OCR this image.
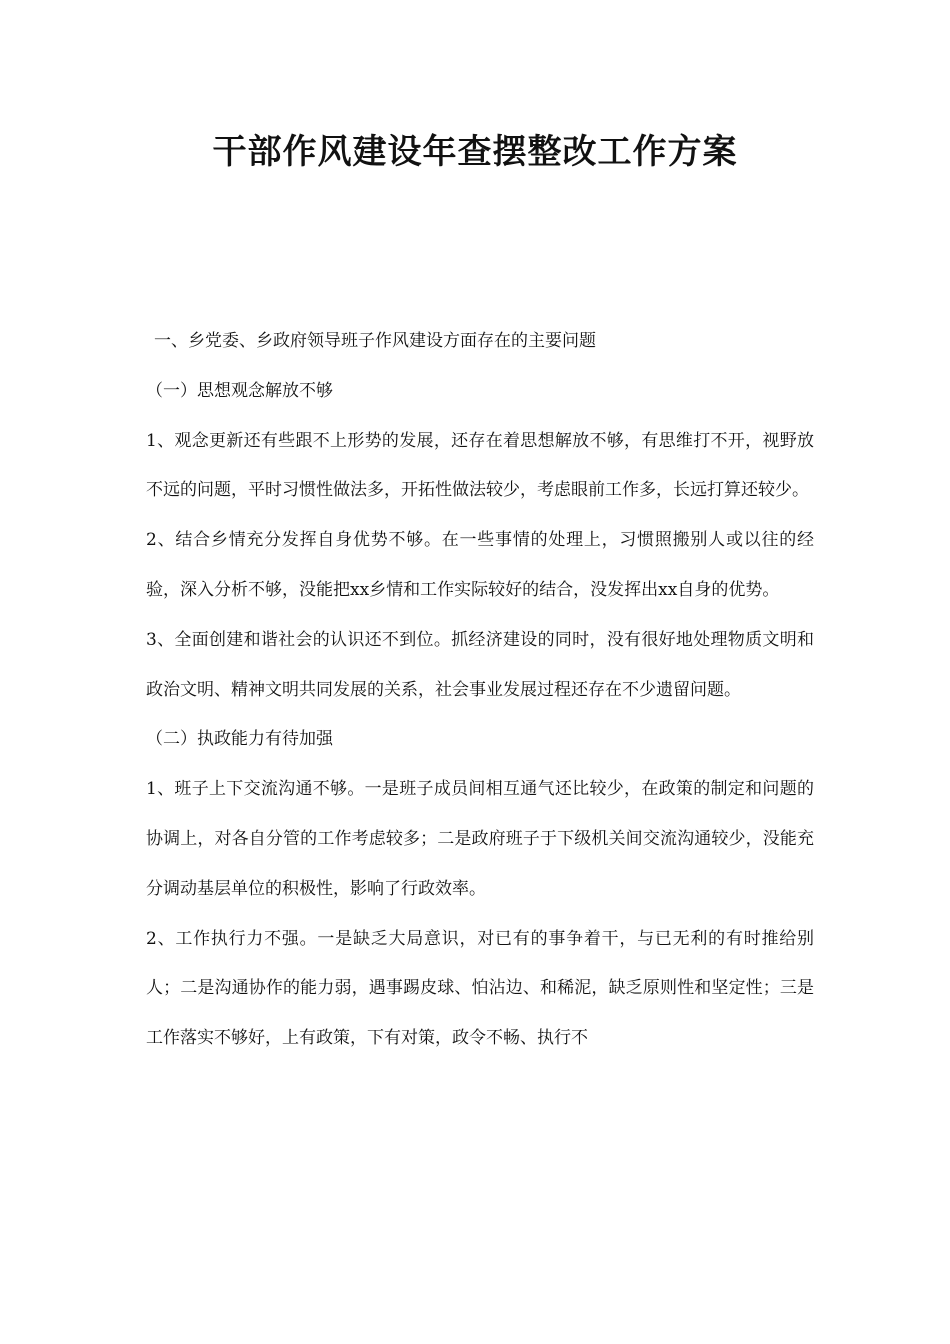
干部作风建设年查摆整改工作方案

一、乡党委、乡政府领导班子作风建设方面存在的主要问题

（一）思想观念解放不够

1、观念更新还有些跟不上形势的发展，还存在着思想解放不够，有思维打不开，视野放不远的问题，平时习惯性做法多，开拓性做法较少，考虑眼前工作多，长远打算还较少。

2、结合乡情充分发挥自身优势不够。在一些事情的处理上，习惯照搬别人或以往的经验，深入分析不够，没能把xx乡情和工作实际较好的结合，没发挥出xx自身的优势。

3、全面创建和谐社会的认识还不到位。抓经济建设的同时，没有很好地处理物质文明和政治文明、精神文明共同发展的关系，社会事业发展过程还存在不少遗留问题。

（二）执政能力有待加强

1、班子上下交流沟通不够。一是班子成员间相互通气还比较少，在政策的制定和问题的协调上，对各自分管的工作考虑较多；二是政府班子于下级机关间交流沟通较少，没能充分调动基层单位的积极性，影响了行政效率。

2、工作执行力不强。一是缺乏大局意识，对已有的事争着干，与已无利的有时推给别人；二是沟通协作的能力弱，遇事踢皮球、怕沾边、和稀泥，缺乏原则性和坚定性；三是工作落实不够好，上有政策，下有对策，政令不畅、执行不
